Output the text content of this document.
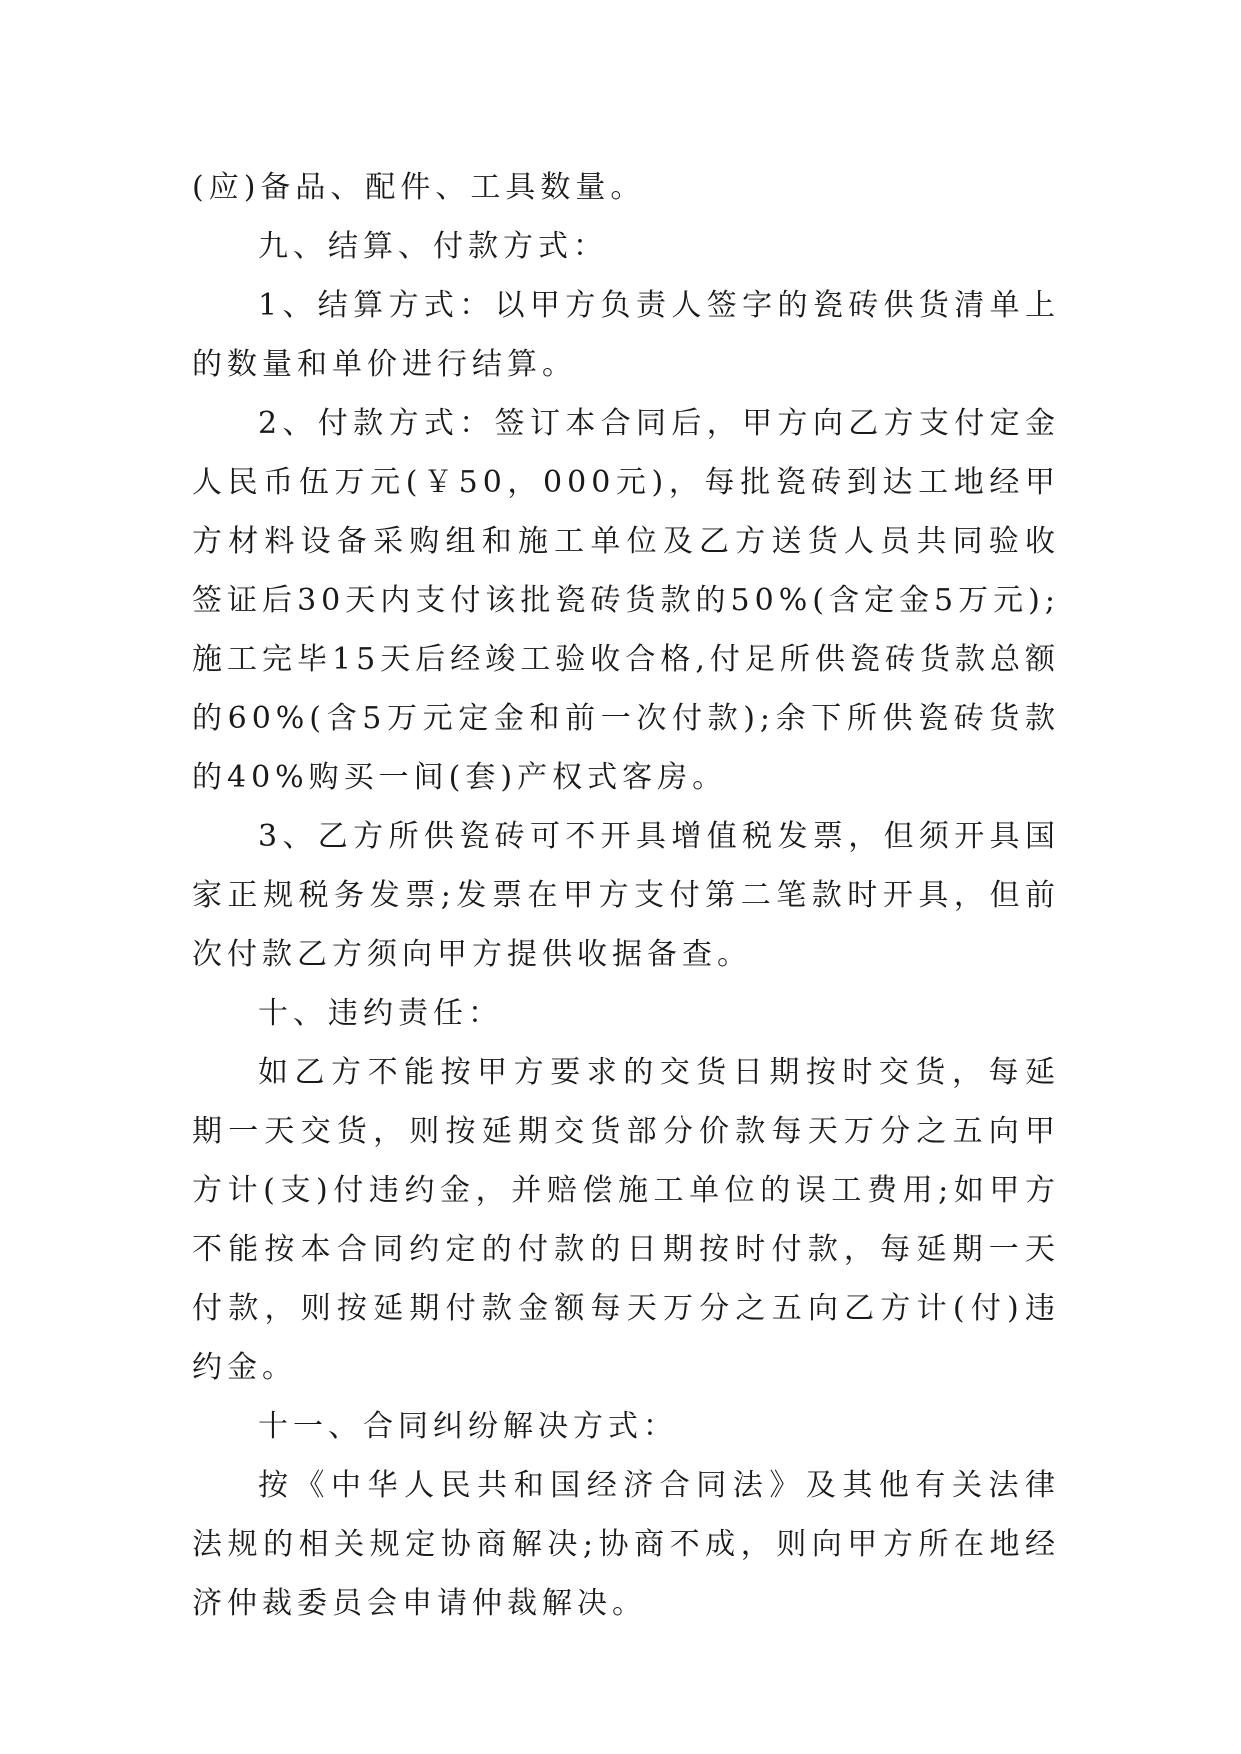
(应)备品、配件、工具数量。

九、结算、付款方式：

1、结算方式：以甲方负责人签字的瓷砖供货清单上的数量和单价进行结算。

2、付款方式：签订本合同后，甲方向乙方支付定金人民币伍万元(￥50，000元)，每批瓷砖到达工地经甲方材料设备采购组和施工单位及乙方送货人员共同验收签证后30天内支付该批瓷砖货款的50%(含定金5万元);施工完毕15天后经竣工验收合格,付足所供瓷砖货款总额的60%(含5万元定金和前一次付款);余下所供瓷砖货款的40%购买一间(套)产权式客房。

3、乙方所供瓷砖可不开具增值税发票，但须开具国家正规税务发票;发票在甲方支付第二笔款时开具，但前次付款乙方须向甲方提供收据备查。

十、违约责任：

如乙方不能按甲方要求的交货日期按时交货，每延期一天交货，则按延期交货部分价款每天万分之五向甲方计(支)付违约金，并赔偿施工单位的误工费用;如甲方不能按本合同约定的付款的日期按时付款，每延期一天付款，则按延期付款金额每天万分之五向乙方计(付)违约金。

十一、合同纠纷解决方式：

按《中华人民共和国经济合同法》及其他有关法律法规的相关规定协商解决;协商不成，则向甲方所在地经济仲裁委员会申请仲裁解决。
